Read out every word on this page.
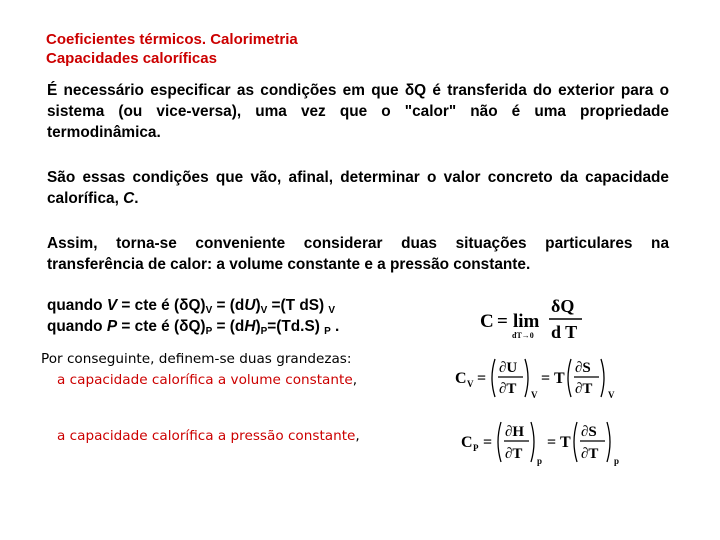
Coeficientes térmicos. Calorimetria
Capacidades caloríficas
É necessário especificar as condições em que δQ é transferida do exterior para o sistema (ou vice-versa), uma vez que o "calor" não é uma propriedade termodinâmica.
São essas condições que vão, afinal, determinar o valor concreto da capacidade calorífica, C.
Assim, torna-se conveniente considerar duas situações particulares na transferência de calor: a volume constante e a pressão constante.
quando V = cte é $(\delta Q)_V = (dU)_V =(T$ dS) $_V$
quando P = cte é $(\delta Q)_P = (dH)_P=(Td.S)$ $_P$ .
Por conseguinte, definem-se duas grandezas:
a capacidade calorífica a volume constante,
a capacidade calorífica a pressão constante,
C = lim
dT→0
δQ
d T
C V =
∂U
∂T V
= T
∂S
∂T V
C P =
∂H
∂T p
= T
∂S
∂T p
